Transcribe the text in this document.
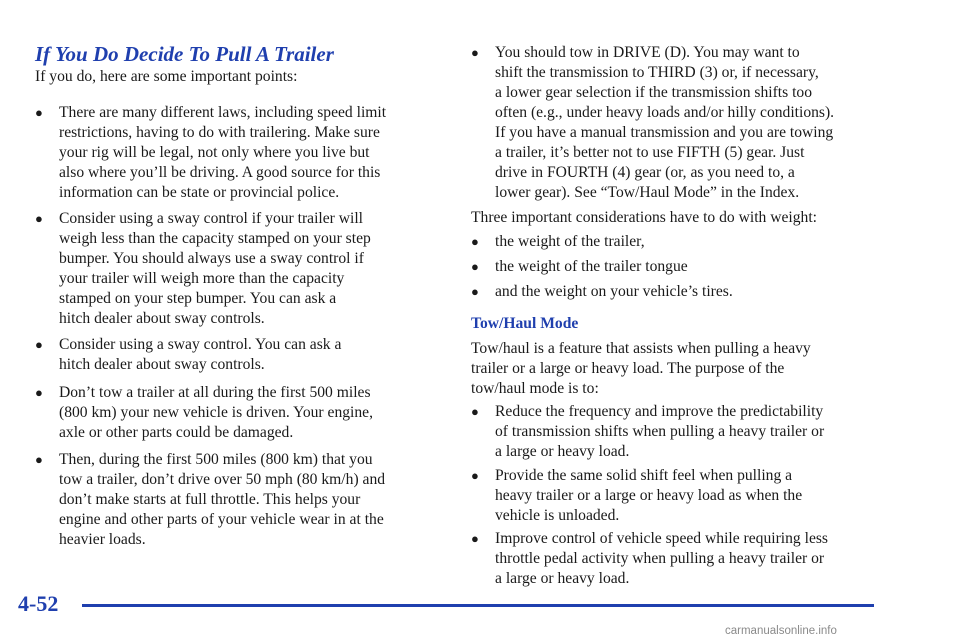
If You Do Decide To Pull A Trailer

If you do, here are some important points:

●	There are many different laws, including speed limit
restrictions, having to do with trailering. Make sure
your rig will be legal, not only where you live but
also where you’ll be driving. A good source for this
information can be state or provincial police.
●	Consider using a sway control if your trailer will
weigh less than the capacity stamped on your step
bumper. You should always use a sway control if
your trailer will weigh more than the capacity
stamped on your step bumper. You can ask a
hitch dealer about sway controls.
●	Consider using a sway control. You can ask a
hitch dealer about sway controls.
●	Don’t tow a trailer at all during the first 500 miles
(800 km) your new vehicle is driven. Your engine,
axle or other parts could be damaged.
●	Then, during the first 500 miles (800 km) that you
tow a trailer, don’t drive over 50 mph (80 km/h) and
don’t make starts at full throttle. This helps your
engine and other parts of your vehicle wear in at the
heavier loads.
●	You should tow in DRIVE (D). You may want to
shift the transmission to THIRD (3) or, if necessary,
a lower gear selection if the transmission shifts too
often (e.g., under heavy loads and/or hilly conditions).
If you have a manual transmission and you are towing
a trailer, it’s better not to use FIFTH (5) gear. Just
drive in FOURTH (4) gear (or, as you need to, a
lower gear). See “Tow/Haul Mode” in the Index.

Three important considerations have to do with weight:

●	the weight of the trailer,
●	the weight of the trailer tongue
●	and the weight on your vehicle’s tires.

Tow/Haul Mode

Tow/haul is a feature that assists when pulling a heavy
trailer or a large or heavy load. The purpose of the
tow/haul mode is to:

●	Reduce the frequency and improve the predictability
of transmission shifts when pulling a heavy trailer or
a large or heavy load.
●	Provide the same solid shift feel when pulling a
heavy trailer or a large or heavy load as when the
vehicle is unloaded.
●	Improve control of vehicle speed while requiring less
throttle pedal activity when pulling a heavy trailer or
a large or heavy load.
4-52
carmanualsonline.info
